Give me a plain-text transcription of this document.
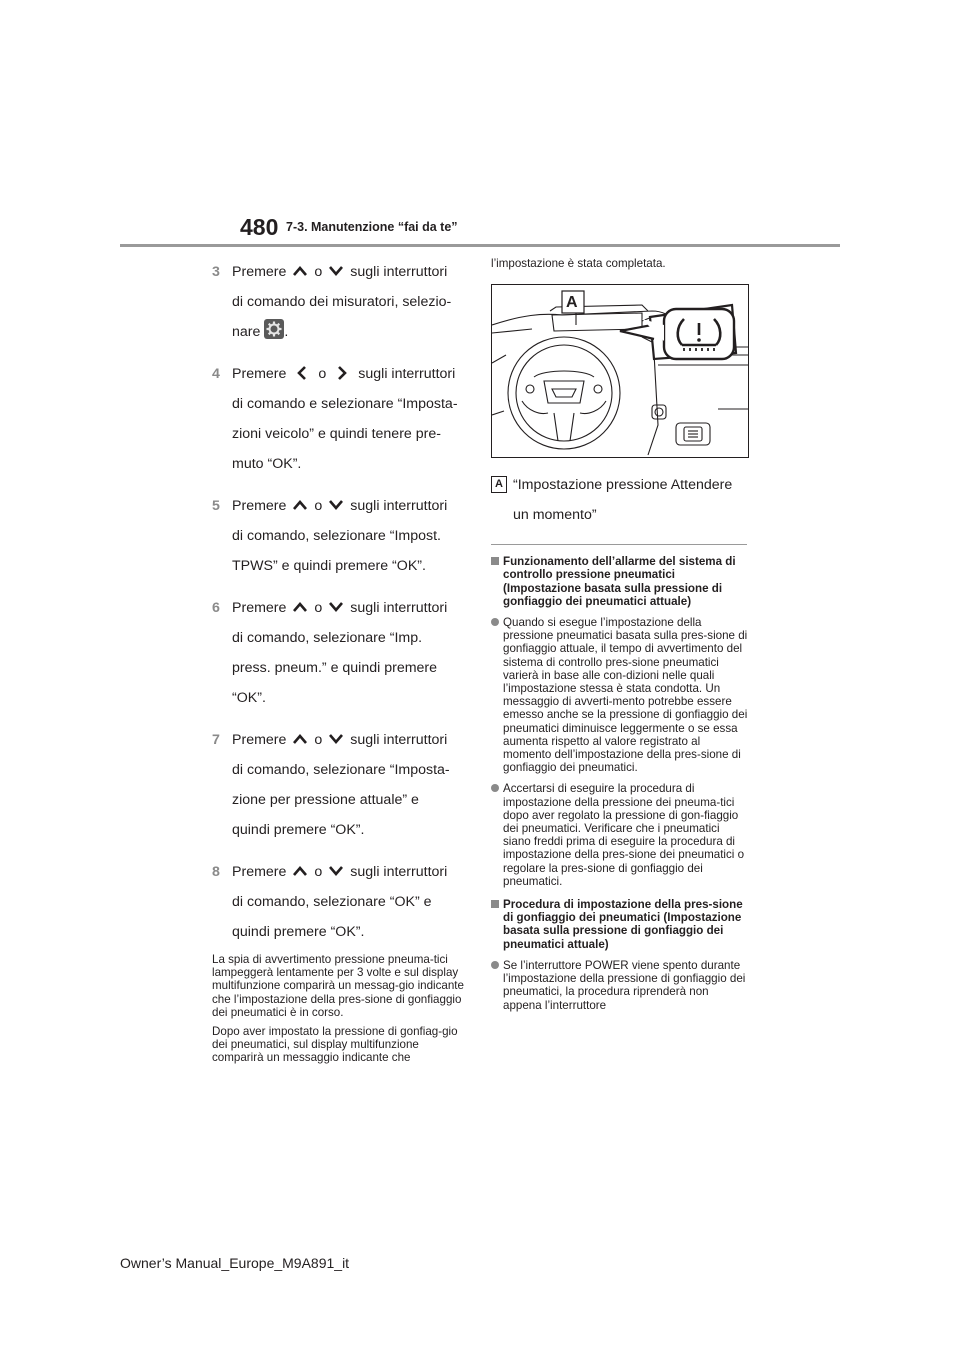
480 7-3. Manutenzione “fai da te”
3 Premere o sugli interruttori

di comando dei misuratori, selezio-

nare .

4 Premere o sugli interruttori

di comando e selezionare “Imposta-

zioni veicolo” e quindi tenere pre-

muto “OK”.

5 Premere o sugli interruttori

di comando, selezionare “Impost.

TPWS” e quindi premere “OK”.

6 Premere o sugli interruttori

di comando, selezionare “Imp.

press. pneum.” e quindi premere

“OK”.

7 Premere o sugli interruttori

di comando, selezionare “Imposta-

zione per pressione attuale” e

quindi premere “OK”.

8 Premere o sugli interruttori

di comando, selezionare “OK” e

quindi premere “OK”.

La spia di avvertimento pressione pneuma-tici lampeggerà lentamente per 3 volte e sul display multifunzione comparirà un messag-gio indicante che l’impostazione della pres-sione di gonfiaggio dei pneumatici è in corso.

Dopo aver impostato la pressione di gonfiag-gio dei pneumatici, sul display multifunzione comparirà un messaggio indicante che

l’impostazione è stata completata.

A
A “Impostazione pressione Attendere

un momento”

Funzionamento dell’allarme del sistema di controllo pressione pneumatici (Impostazione basata sulla pressione di gonfiaggio dei pneumatici attuale)

Quando si esegue l’impostazione della pressione pneumatici basata sulla pres-sione di gonfiaggio attuale, il tempo di avvertimento del sistema di controllo pres-sione pneumatici varierà in base alle con-dizioni nelle quali l’impostazione stessa è stata condotta. Un messaggio di avverti-mento potrebbe essere emesso anche se la pressione di gonfiaggio dei pneumatici diminuisce leggermente o se essa aumenta rispetto al valore registrato al momento dell’impostazione della pres-sione di gonfiaggio dei pneumatici.

Accertarsi di eseguire la procedura di impostazione della pressione dei pneuma-tici dopo aver regolato la pressione di gon-fiaggio dei pneumatici. Verificare che i pneumatici siano freddi prima di eseguire la procedura di impostazione della pres-sione dei pneumatici o regolare la pres-sione di gonfiaggio dei pneumatici.

Procedura di impostazione della pres-sione di gonfiaggio dei pneumatici (Impostazione basata sulla pressione di gonfiaggio dei pneumatici attuale)

Se l’interruttore POWER viene spento durante l’impostazione della pressione di gonfiaggio dei pneumatici, la procedura riprenderà non appena l’interruttore

Owner’s Manual_Europe_M9A891_it
